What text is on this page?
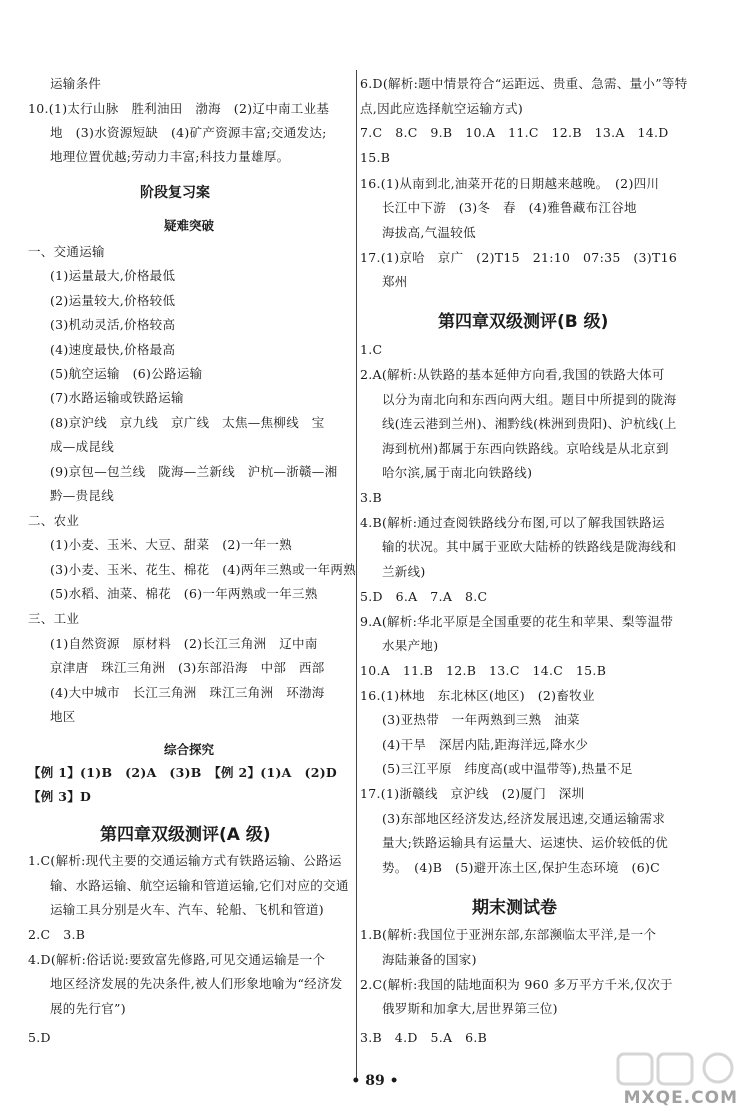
运输条件
10.(1)太行山脉　胜利油田　渤海　(2)辽中南工业基
地　(3)水资源短缺　(4)矿产资源丰富;交通发达;
地理位置优越;劳动力丰富;科技力量雄厚。
阶段复习案
疑难突破
一、交通运输
(1)运量最大,价格最低
(2)运量较大,价格较低
(3)机动灵活,价格较高
(4)速度最快,价格最高
(5)航空运输　(6)公路运输
(7)水路运输或铁路运输
(8)京沪线　京九线　京广线　太焦—焦柳线　宝
成—成昆线
(9)京包—包兰线　陇海—兰新线　沪杭—浙赣—湘
黔—贵昆线
二、农业
(1)小麦、玉米、大豆、甜菜　(2)一年一熟
(3)小麦、玉米、花生、棉花　(4)两年三熟或一年两熟
(5)水稻、油菜、棉花　(6)一年两熟或一年三熟
三、工业
(1)自然资源　原材料　(2)长江三角洲　辽中南
京津唐　珠江三角洲　(3)东部沿海　中部　西部
(4)大中城市　长江三角洲　珠江三角洲　环渤海
地区
综合探究
【例 1】(1)B　(2)A　(3)B　【例 2】(1)A　(2)D
【例 3】D
第四章双级测评(A 级)
1.C(解析:现代主要的交通运输方式有铁路运输、公路运
输、水路运输、航空运输和管道运输,它们对应的交通
运输工具分别是火车、汽车、轮船、飞机和管道)
2.C　3.B
4.D(解析:俗话说:要致富先修路,可见交通运输是一个
地区经济发展的先决条件,被人们形象地喻为“经济发
展的先行官”)
5.D
6.D(解析:题中情景符合“运距远、贵重、急需、量小”等特
点,因此应选择航空运输方式)
7.C　8.C　9.B　10.A　11.C　12.B　13.A　14.D
15.B
16.(1)从南到北,油菜开花的日期越来越晚。　(2)四川
长江中下游　(3)冬　春　(4)雅鲁藏布江谷地
海拔高,气温较低
17.(1)京哈　京广　(2)T15　21:10　07:35　(3)T16
郑州
第四章双级测评(B 级)
1.C
2.A(解析:从铁路的基本延伸方向看,我国的铁路大体可
以分为南北向和东西向两大组。题目中所提到的陇海
线(连云港到兰州)、湘黔线(株洲到贵阳)、沪杭线(上
海到杭州)都属于东西向铁路线。京哈线是从北京到
哈尔滨,属于南北向铁路线)
3.B
4.B(解析:通过查阅铁路线分布图,可以了解我国铁路运
输的状况。其中属于亚欧大陆桥的铁路线是陇海线和
兰新线)
5.D　6.A　7.A　8.C
9.A(解析:华北平原是全国重要的花生和苹果、梨等温带
水果产地)
10.A　11.B　12.B　13.C　14.C　15.B
16.(1)林地　东北林区(地区)　(2)畜牧业
(3)亚热带　一年两熟到三熟　油菜
(4)干旱　深居内陆,距海洋远,降水少
(5)三江平原　纬度高(或中温带等),热量不足
17.(1)浙赣线　京沪线　(2)厦门　深圳
(3)东部地区经济发达,经济发展迅速,交通运输需求
量大;铁路运输具有运量大、运速快、运价较低的优
势。　(4)B　(5)避开冻土区,保护生态环境　(6)C
期末测试卷
1.B(解析:我国位于亚洲东部,东部濒临太平洋,是一个
海陆兼备的国家)
2.C(解析:我国的陆地面积为 960 多万平方千米,仅次于
俄罗斯和加拿大,居世界第三位)
3.B　4.D　5.A　6.B
• 89 •
MXQE.COM
